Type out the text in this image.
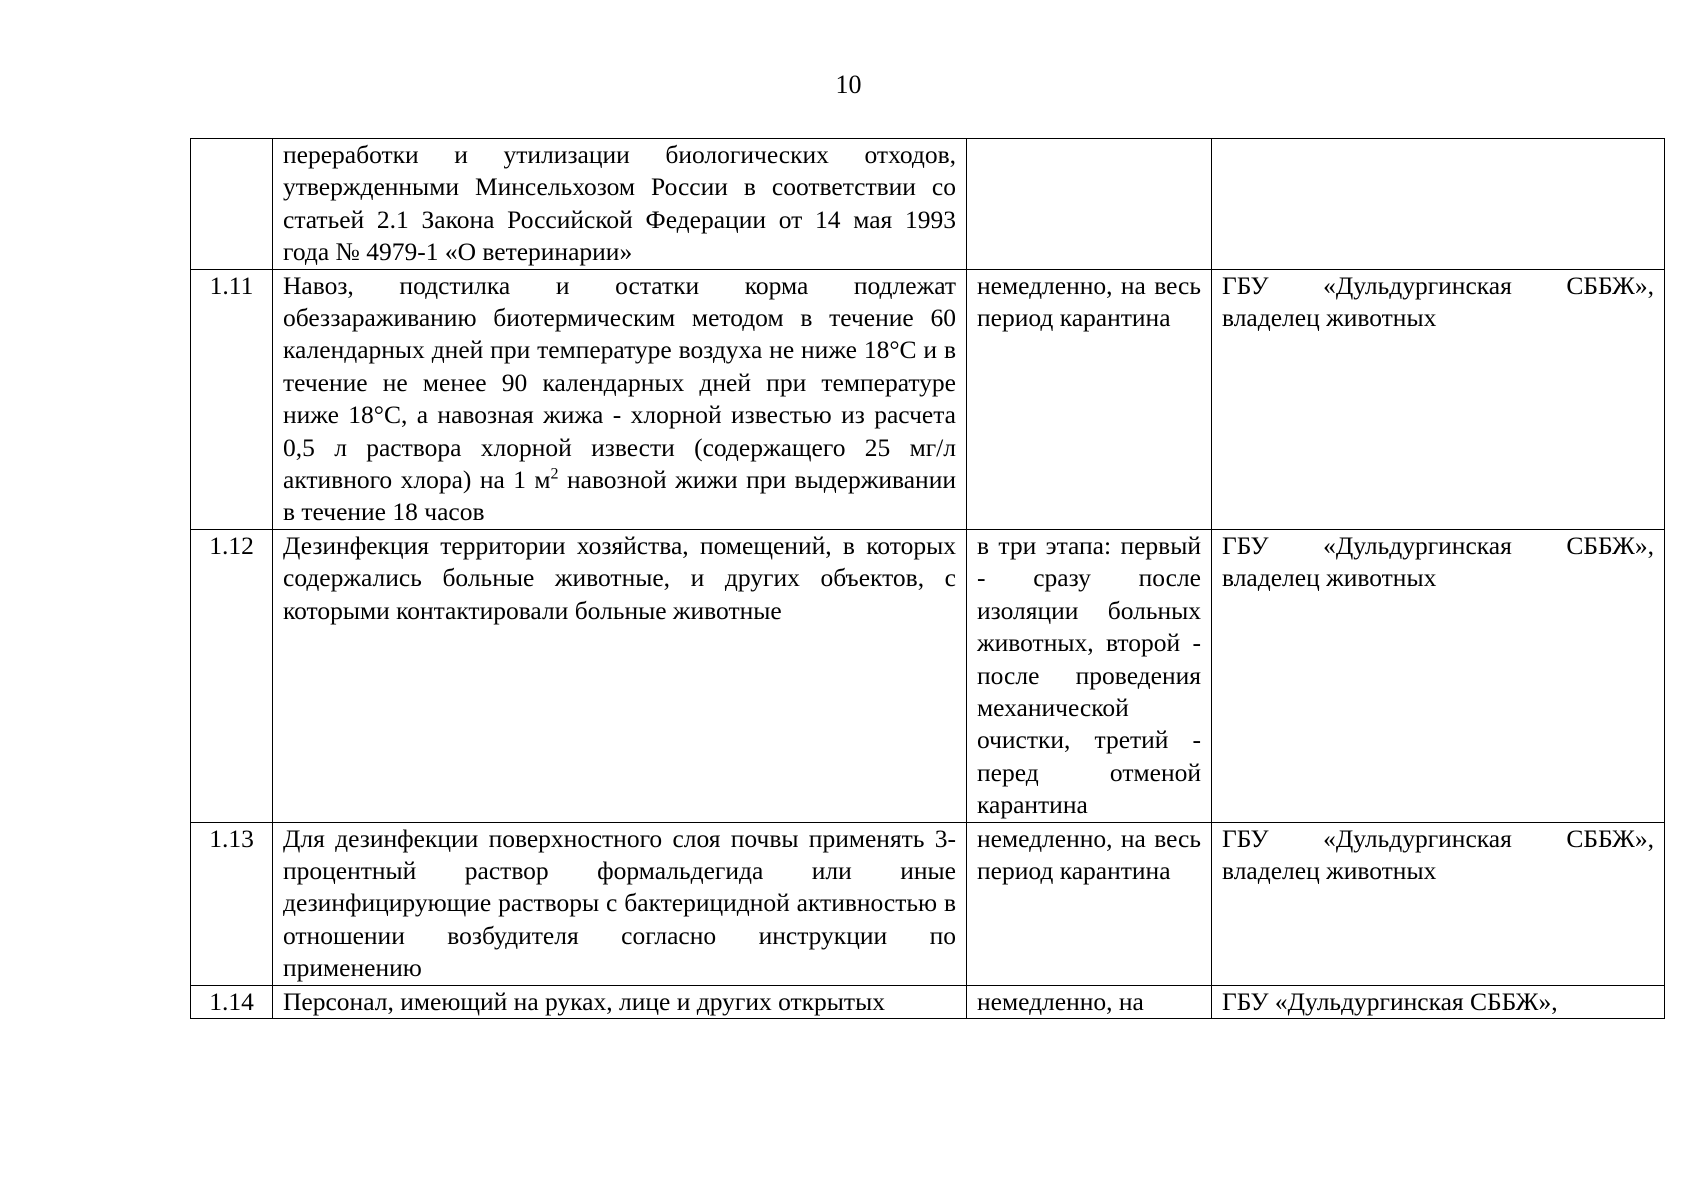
10
	переработки и утилизации биологических отходов, утвержденными Минсельхозом России в соответствии со статьей 2.1 Закона Российской Федерации от 14 мая 1993 года № 4979-1 «О ветеринарии»		
1.11	Навоз, подстилка и остатки корма подлежат обеззараживанию биотермическим методом в течение 60 календарных дней при температуре воздуха не ниже 18°С и в течение не менее 90 календарных дней при температуре ниже 18°С, а навозная жижа - хлорной известью из расчета 0,5 л раствора хлорной извести (содержащего 25 мг/л активного хлора) на 1 $м^2$ навозной жижи при выдерживании в течение 18 часов	немедленно, на весь период карантина	ГБУ «Дульдургинская СББЖ», владелец животных
1.12	Дезинфекция территории хозяйства, помещений, в которых содержались больные животные, и других объектов, с которыми контактировали больные животные	в три этапа: первый - сразу после изоляции больных животных, второй - после проведения механической очистки, третий - перед отменой карантина	ГБУ «Дульдургинская СББЖ», владелец животных
1.13	Для дезинфекции поверхностного слоя почвы применять 3-процентный раствор формальдегида или иные дезинфицирующие растворы с бактерицидной активностью в отношении возбудителя согласно инструкции по применению	немедленно, на весь период карантина	ГБУ «Дульдургинская СББЖ», владелец животных
1.14	Персонал, имеющий на руках, лице и других открытых	немедленно, на	ГБУ «Дульдургинская СББЖ»,
